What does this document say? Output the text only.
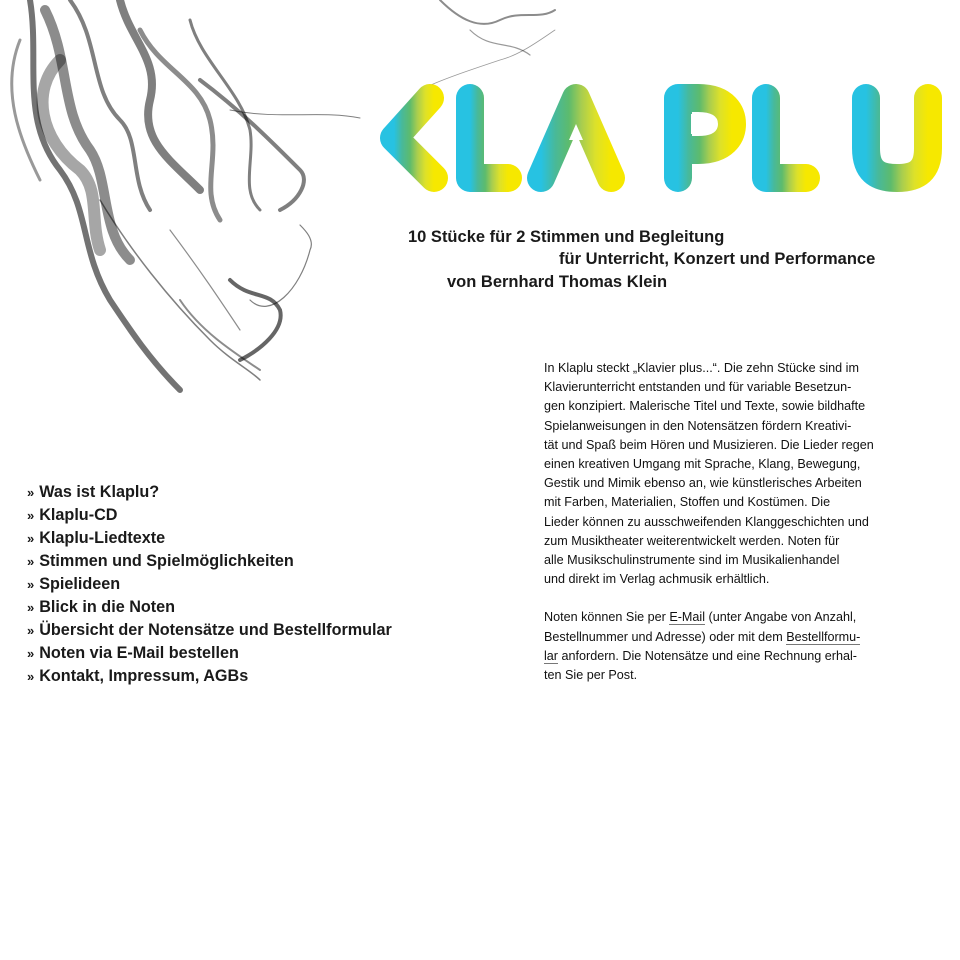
10 Stücke für 2 Stimmen und Begleitung
für Unterricht, Konzert und Performance
von Bernhard Thomas Klein
» Was ist Klaplu?
» Klaplu-CD
» Klaplu-Liedtexte
» Stimmen und Spielmöglichkeiten
» Spielideen
» Blick in die Noten
» Übersicht der Notensätze und Bestellformular
» Noten via E-Mail bestellen
» Kontakt, Impressum, AGBs

In Klaplu steckt „Klavier plus...“. Die zehn Stücke sind im
Klavierunterricht entstanden und für variable Besetzun-
gen konzipiert. Malerische Titel und Texte, sowie bildhafte
Spielanweisungen in den Notensätzen fördern Kreativi-
tät und Spaß beim Hören und Musizieren. Die Lieder regen
einen kreativen Umgang mit Sprache, Klang, Bewegung,
Gestik und Mimik ebenso an, wie künstlerisches Arbeiten
mit Farben, Materialien, Stoffen und Kostümen. Die
Lieder können zu ausschweifenden Klanggeschichten und
zum Musiktheater weiterentwickelt werden. Noten für
alle Musikschulinstrumente sind im Musikalienhandel
und direkt im Verlag achmusik erhältlich.

Noten können Sie per E-Mail (unter Angabe von Anzahl,
Bestellnummer und Adresse) oder mit dem Bestellformu-
lar anfordern. Die Notensätze und eine Rechnung erhal-
ten Sie per Post.
